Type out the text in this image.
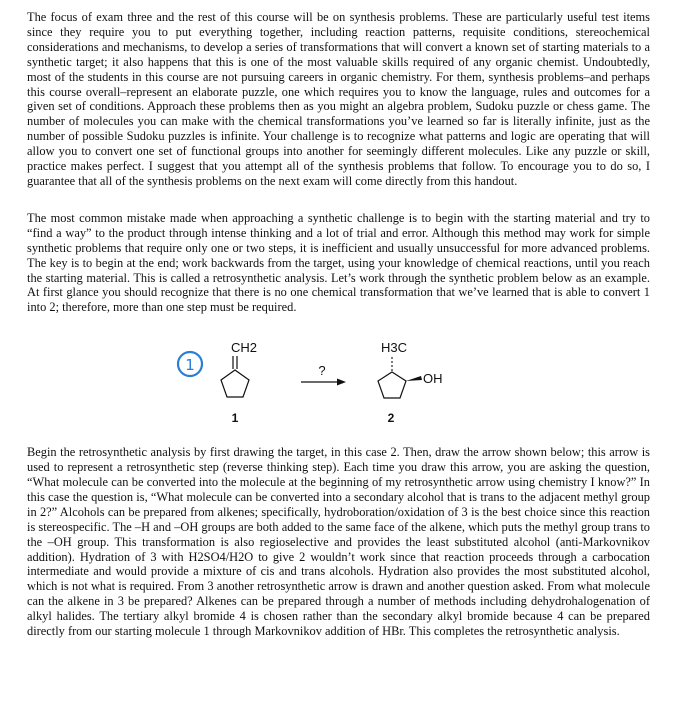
The focus of exam three and the rest of this course will be on synthesis problems. These are particularly useful test items since they require you to put everything together, including reaction patterns, requisite conditions, stereochemical considerations and mechanisms, to develop a series of transformations that will convert a known set of starting materials to a synthetic target; it also happens that this is one of the most valuable skills required of any organic chemist. Undoubtedly, most of the students in this course are not pursuing careers in organic chemistry. For them, synthesis problems–and perhaps this course overall–represent an elaborate puzzle, one which requires you to know the language, rules and outcomes for a given set of conditions. Approach these problems then as you might an algebra problem, Sudoku puzzle or chess game. The number of molecules you can make with the chemical transformations you’ve learned so far is literally infinite, just as the number of possible Sudoku puzzles is infinite. Your challenge is to recognize what patterns and logic are operating that will allow you to convert one set of functional groups into another for seemingly different molecules. Like any puzzle or skill, practice makes perfect. I suggest that you attempt all of the synthesis problems that follow. To encourage you to do so, I guarantee that all of the synthesis problems on the next exam will come directly from this handout.

The most common mistake made when approaching a synthetic challenge is to begin with the starting material and try to “find a way” to the product through intense thinking and a lot of trial and error. Although this method may work for simple synthetic problems that require only one or two steps, it is inefficient and usually unsuccessful for more advanced problems. The key is to begin at the end; work backwards from the target, using your knowledge of chemical reactions, until you reach the starting material. This is called a retrosynthetic analysis. Let’s work through the synthetic problem below as an example. At first glance you should recognize that there is no one chemical transformation that we’ve learned that is able to convert 1 into 2; therefore, more than one step must be required.

1
CH2
1
?
H3C
OH
2

Begin the retrosynthetic analysis by first drawing the target, in this case 2. Then, draw the arrow shown below; this arrow is used to represent a retrosynthetic step (reverse thinking step). Each time you draw this arrow, you are asking the question, “What molecule can be converted into the molecule at the beginning of my retrosynthetic arrow using chemistry I know?” In this case the question is, “What molecule can be converted into a secondary alcohol that is trans to the adjacent methyl group in 2?” Alcohols can be prepared from alkenes; specifically, hydroboration/oxidation of 3 is the best choice since this reaction is stereospecific. The –H and –OH groups are both added to the same face of the alkene, which puts the methyl group trans to the –OH group. This transformation is also regioselective and provides the least substituted alcohol (anti-Markovnikov addition). Hydration of 3 with H2SO4/H2O to give 2 wouldn’t work since that reaction proceeds through a carbocation intermediate and would provide a mixture of cis and trans alcohols. Hydration also provides the most substituted alcohol, which is not what is required. From 3 another retrosynthetic arrow is drawn and another question asked. From what molecule can the alkene in 3 be prepared? Alkenes can be prepared through a number of methods including dehydrohalogenation of alkyl halides. The tertiary alkyl bromide 4 is chosen rather than the secondary alkyl bromide because 4 can be prepared directly from our starting molecule 1 through Markovnikov addition of HBr. This completes the retrosynthetic analysis.
